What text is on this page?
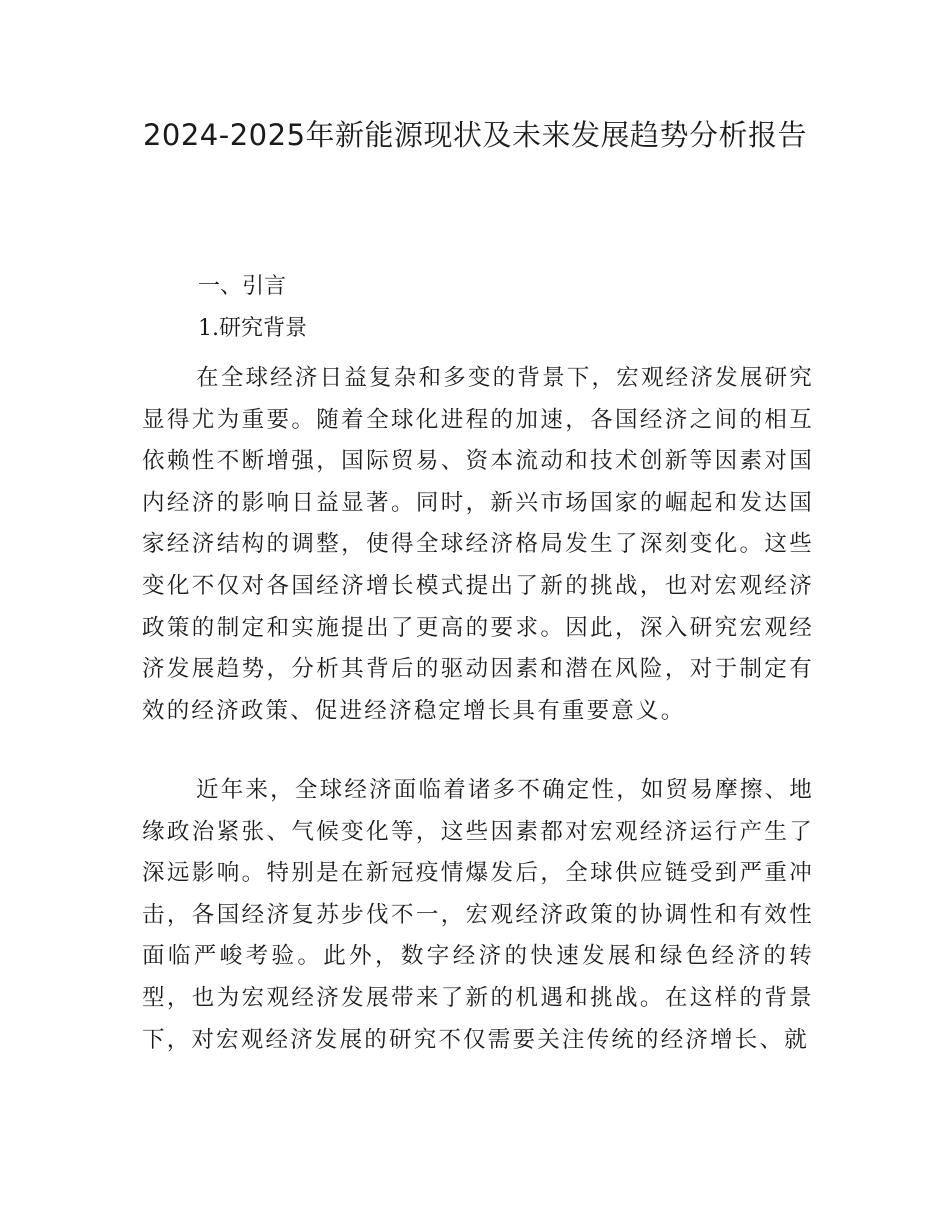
2024-2025年新能源现状及未来发展趋势分析报告
一、引言
1.研究背景

在全球经济日益复杂和多变的背景下，宏观经济发展研究显得尤为重要。随着全球化进程的加速，各国经济之间的相互依赖性不断增强，国际贸易、资本流动和技术创新等因素对国内经济的影响日益显著。同时，新兴市场国家的崛起和发达国家经济结构的调整，使得全球经济格局发生了深刻变化。这些变化不仅对各国经济增长模式提出了新的挑战，也对宏观经济政策的制定和实施提出了更高的要求。因此，深入研究宏观经济发展趋势，分析其背后的驱动因素和潜在风险，对于制定有效的经济政策、促进经济稳定增长具有重要意义。

近年来，全球经济面临着诸多不确定性，如贸易摩擦、地缘政治紧张、气候变化等，这些因素都对宏观经济运行产生了深远影响。特别是在新冠疫情爆发后，全球供应链受到严重冲击，各国经济复苏步伐不一，宏观经济政策的协调性和有效性面临严峻考验。此外，数字经济的快速发展和绿色经济的转型，也为宏观经济发展带来了新的机遇和挑战。在这样的背景下，对宏观经济发展的研究不仅需要关注传统的经济增长、就
